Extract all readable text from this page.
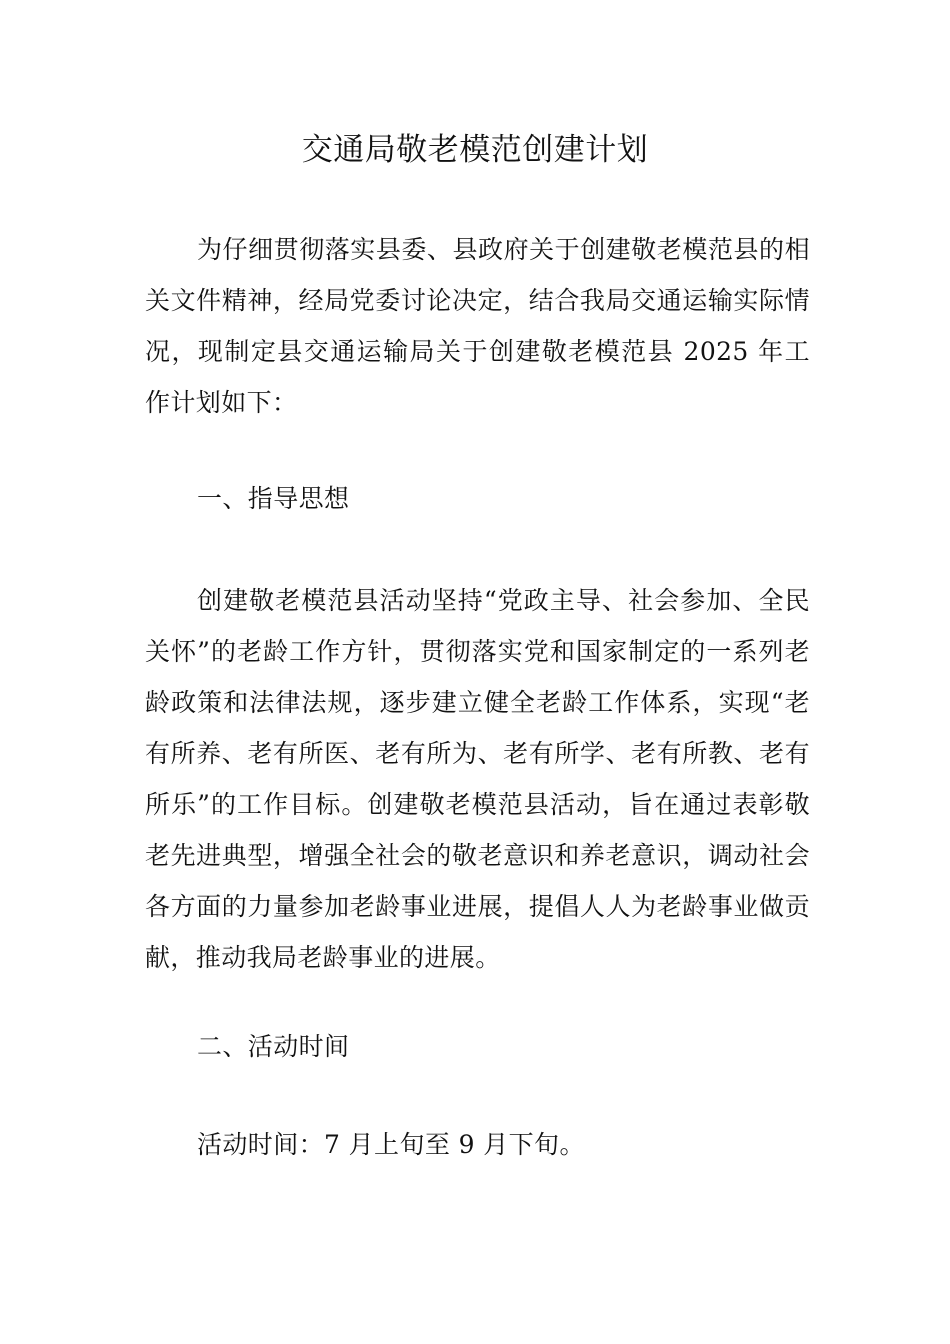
交通局敬老模范创建计划

为仔细贯彻落实县委、县政府关于创建敬老模范县的相关文件精神，经局党委讨论决定，结合我局交通运输实际情况，现制定县交通运输局关于创建敬老模范县 2025 年工作计划如下：

一、指导思想

创建敬老模范县活动坚持“党政主导、社会参加、全民关怀”的老龄工作方针，贯彻落实党和国家制定的一系列老龄政策和法律法规，逐步建立健全老龄工作体系，实现“老有所养、老有所医、老有所为、老有所学、老有所教、老有所乐”的工作目标。创建敬老模范县活动，旨在通过表彰敬老先进典型，增强全社会的敬老意识和养老意识，调动社会各方面的力量参加老龄事业进展，提倡人人为老龄事业做贡献，推动我局老龄事业的进展。

二、活动时间

活动时间：7 月上旬至 9 月下旬。
